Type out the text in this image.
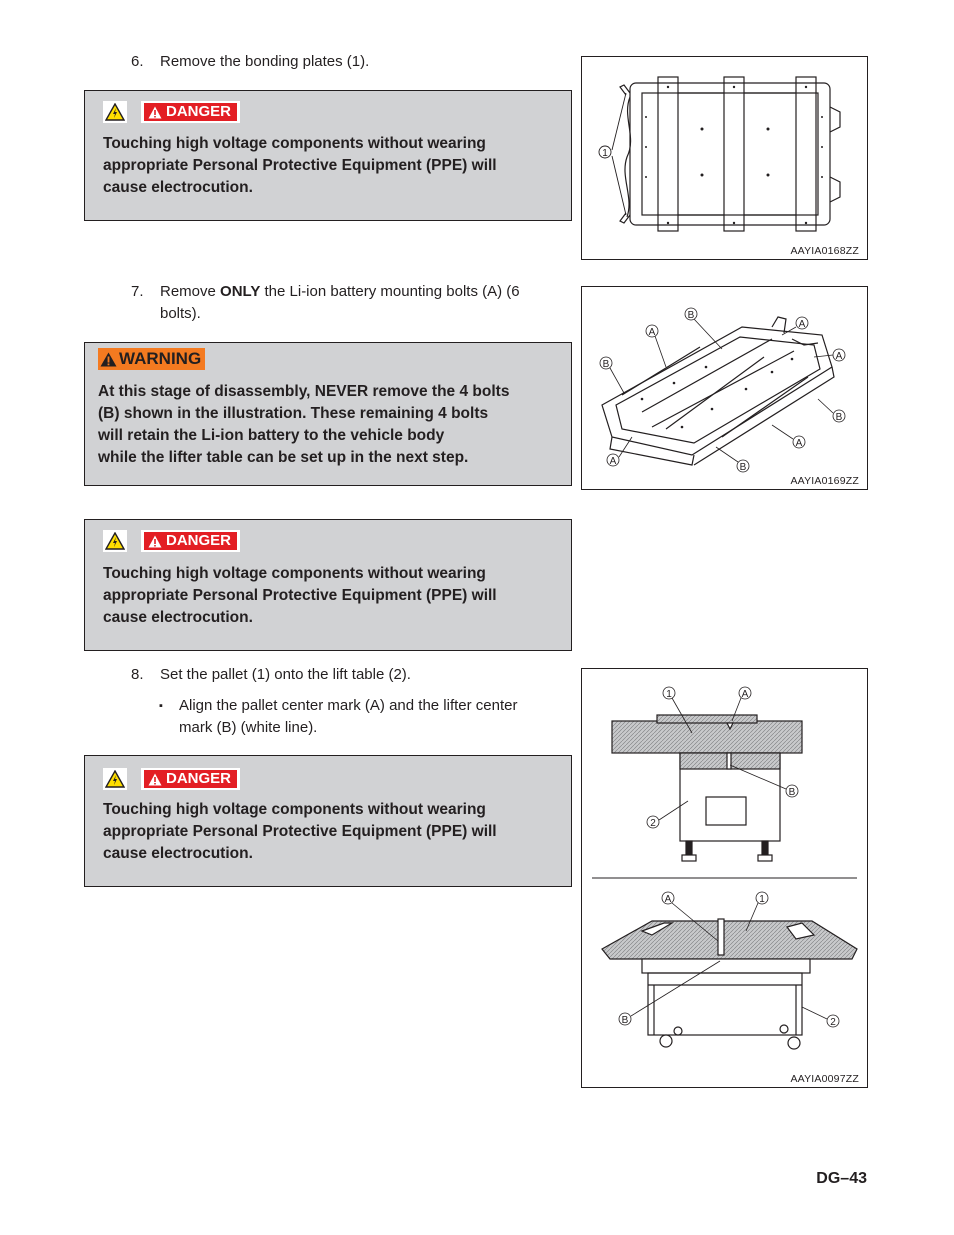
6. Remove the bonding plates (1).
DANGER
Touching high voltage components without wearing
appropriate Personal Protective Equipment (PPE) will
cause electrocution.
1
AAYIA0168ZZ
7. Remove ONLY the Li-ion battery mounting bolts (A) (6
bolts).
WARNING
At this stage of disassembly, NEVER remove the 4 bolts
(B) shown in the illustration. These remaining 4 bolts
will retain the Li-ion battery to the vehicle body
while the lifter table can be set up in the next step.
A
B
A
A
B
B
A
A
B
AAYIA0169ZZ
DANGER
Touching high voltage components without wearing
appropriate Personal Protective Equipment (PPE) will
cause electrocution.
8. Set the pallet (1) onto the lift table (2).
▪ Align the pallet center mark (A) and the lifter center
mark (B) (white line).
DANGER
Touching high voltage components without wearing
appropriate Personal Protective Equipment (PPE) will
cause electrocution.
1	A
B
2
A	1
B	2
AAYIA0097ZZ
DG–43
